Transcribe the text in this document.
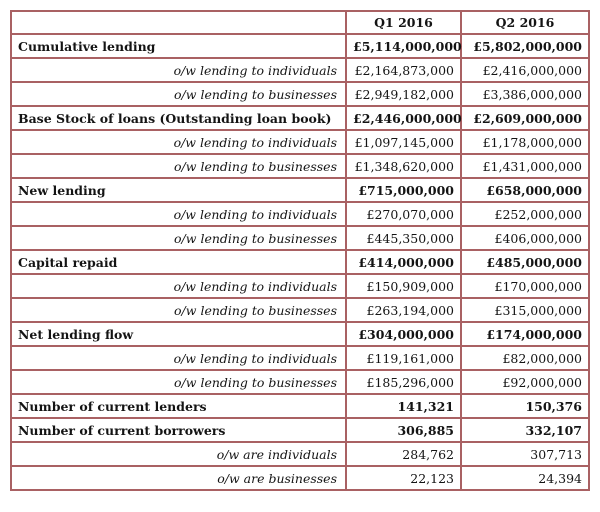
	Q1 2016	Q2 2016
Cumulative lending	£5,114,000,000	£5,802,000,000
o/w lending to individuals	£2,164,873,000	£2,416,000,000
o/w lending to businesses	£2,949,182,000	£3,386,000,000
Base Stock of loans (Outstanding loan book)	£2,446,000,000	£2,609,000,000
o/w lending to individuals	£1,097,145,000	£1,178,000,000
o/w lending to businesses	£1,348,620,000	£1,431,000,000
New lending	£715,000,000	£658,000,000
o/w lending to individuals	£270,070,000	£252,000,000
o/w lending to businesses	£445,350,000	£406,000,000
Capital repaid	£414,000,000	£485,000,000
o/w lending to individuals	£150,909,000	£170,000,000
o/w lending to businesses	£263,194,000	£315,000,000
Net lending flow	£304,000,000	£174,000,000
o/w lending to individuals	£119,161,000	£82,000,000
o/w lending to businesses	£185,296,000	£92,000,000
Number of current lenders	141,321	150,376
Number of current borrowers	306,885	332,107
o/w are individuals	284,762	307,713
o/w are businesses	22,123	24,394
